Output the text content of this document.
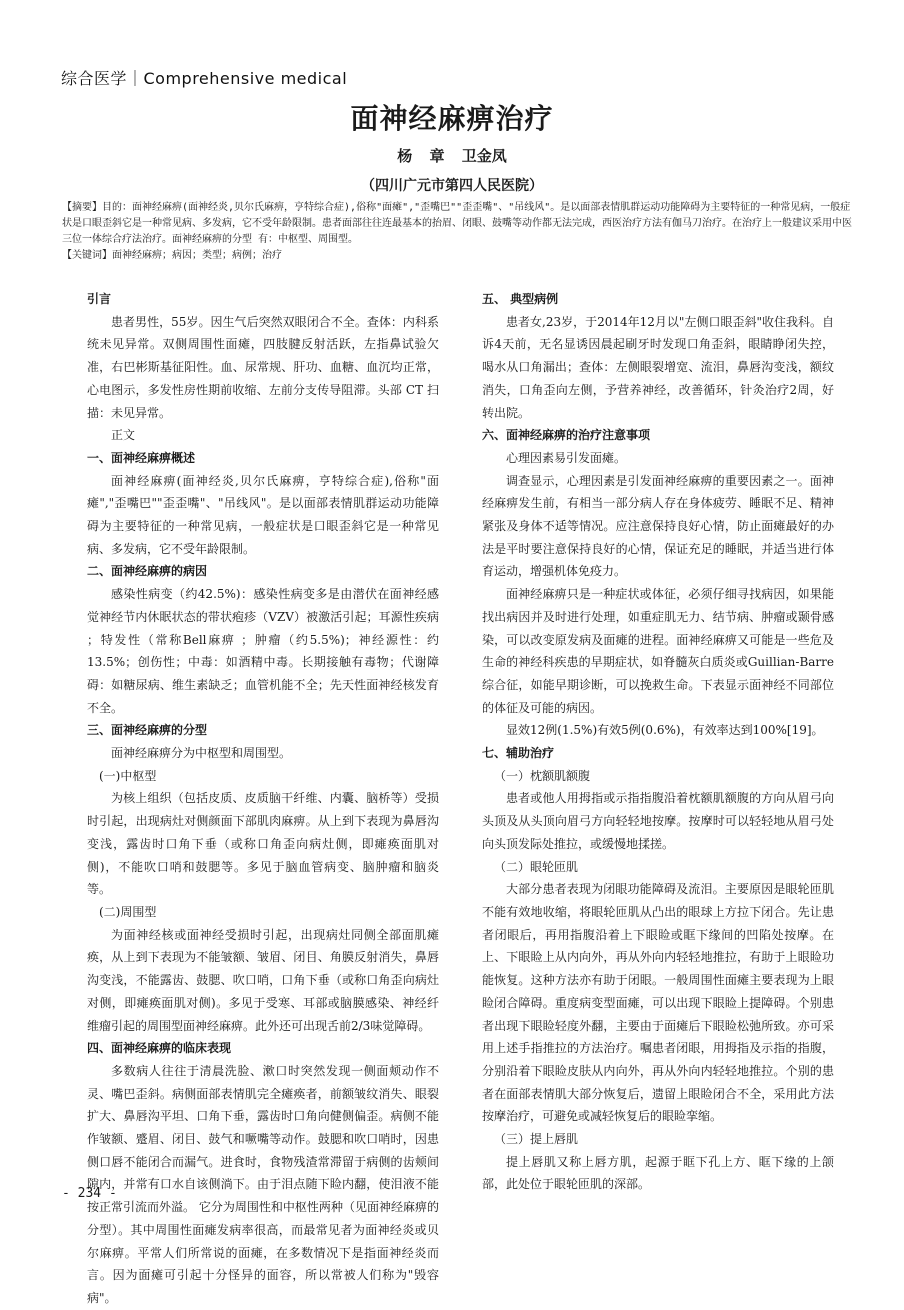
综合医学｜Comprehensive medical
面神经麻痹治疗
杨 章 卫金凤
（四川广元市第四人民医院）
【摘要】目的：面神经麻痹(面神经炎,贝尔氏麻痹，亨特综合症),俗称"面瘫","歪嘴巴""歪歪嘴"、"吊线风"。是以面部表情肌群运动功能障碍为主要特征的一种常见病，一般症状是口眼歪斜它是一种常见病、多发病，它不受年龄限制。患者面部往往连最基本的抬眉、闭眼、鼓嘴等动作都无法完成，西医治疗方法有伽马刀治疗。在治疗上一般建议采用中医三位一体综合疗法治疗。面神经麻痹的分型 有：中枢型、周围型。
【关键词】面神经麻痹；病因；类型；病例；治疗

引言

患者男性，55岁。因生气后突然双眼闭合不全。查体：内科系统未见异常。双侧周围性面瘫，四肢腱反射活跃，左指鼻试验欠准，右巴彬斯基征阳性。血、尿常规、肝功、血糖、血沉均正常，心电图示，多发性房性期前收缩、左前分支传导阻滞。头部 CT 扫描：未见异常。

正文

一、面神经麻痹概述

面神经麻痹(面神经炎,贝尔氏麻痹，亨特综合症),俗称"面瘫","歪嘴巴""歪歪嘴"、"吊线风"。是以面部表情肌群运动功能障碍为主要特征的一种常见病，一般症状是口眼歪斜它是一种常见病、多发病，它不受年龄限制。

二、面神经麻痹的病因

感染性病变（约42.5%)：感染性病变多是由潜伏在面神经感觉神经节内休眠状态的带状疱疹（VZV）被激活引起；耳源性疾病 ；特发性（常称Bell麻痹 ；肿瘤（约5.5%)；神经源性：约13.5%；创伤性；中毒：如酒精中毒。长期接触有毒物；代谢障碍：如糖尿病、维生素缺乏；血管机能不全；先天性面神经核发育不全。

三、面神经麻痹的分型

面神经麻痹分为中枢型和周围型。

(一)中枢型

为核上组织（包括皮质、皮质脑干纤维、内囊、脑桥等）受损时引起，出现病灶对侧颜面下部肌肉麻痹。从上到下表现为鼻唇沟变浅，露齿时口角下垂（或称口角歪向病灶侧，即瘫痪面肌对侧)，不能吹口哨和鼓腮等。多见于脑血管病变、脑肿瘤和脑炎等。

(二)周围型

为面神经核或面神经受损时引起，出现病灶同侧全部面肌瘫痪，从上到下表现为不能皱额、皱眉、闭目、角膜反射消失，鼻唇沟变浅，不能露齿、鼓腮、吹口哨，口角下垂（或称口角歪向病灶对侧，即瘫痪面肌对侧)。多见于受寒、耳部或脑膜感染、神经纤维瘤引起的周围型面神经麻痹。此外还可出现舌前2/3味觉障碍。

四、面神经麻痹的临床表现

多数病人往往于清晨洗脸、漱口时突然发现一侧面颊动作不灵、嘴巴歪斜。病侧面部表情肌完全瘫痪者，前额皱纹消失、眼裂扩大、鼻唇沟平坦、口角下垂，露齿时口角向健侧偏歪。病侧不能作皱额、蹙眉、闭目、鼓气和噘嘴等动作。鼓腮和吹口哨时，因患侧口唇不能闭合而漏气。进食时，食物残渣常滞留于病侧的齿颊间隙内，并常有口水自该侧淌下。由于泪点随下睑内翻，使泪液不能按正常引流而外溢。 它分为周围性和中枢性两种（见面神经麻痹的分型）。其中周围性面瘫发病率很高，而最常见者为面神经炎或贝尔麻痹。平常人们所常说的面瘫，在多数情况下是指面神经炎而言。因为面瘫可引起十分怪异的面容，所以常被人们称为"毁容病"。

五、 典型病例

患者女,23岁，于2014年12月以"左侧口眼歪斜"收住我科。自诉4天前，无名显诱因晨起刷牙时发现口角歪斜，眼睛睁闭失控，喝水从口角漏出；查体：左侧眼裂增宽、流泪，鼻唇沟变浅，额纹消失，口角歪向左侧，予营养神经，改善循环，针灸治疗2周，好转出院。

六、面神经麻痹的治疗注意事项

心理因素易引发面瘫。

调查显示，心理因素是引发面神经麻痹的重要因素之一。面神经麻痹发生前，有相当一部分病人存在身体疲劳、睡眠不足、精神紧张及身体不适等情况。应注意保持良好心情，防止面瘫最好的办法是平时要注意保持良好的心情，保证充足的睡眠，并适当进行体育运动，增强机体免疫力。

面神经麻痹只是一种症状或体征，必须仔细寻找病因，如果能找出病因并及时进行处理，如重症肌无力、结节病、肿瘤或颞骨感染，可以改变原发病及面瘫的进程。面神经麻痹又可能是一些危及生命的神经科疾患的早期症状，如脊髓灰白质炎或Guillian-Barre综合征，如能早期诊断，可以挽救生命。下表显示面神经不同部位的体征及可能的病因。

显效12例(1.5%)有效5例(0.6%)，有效率达到100%[19]。

七、辅助治疗

（一）枕额肌额腹

患者或他人用拇指或示指指腹沿着枕额肌额腹的方向从眉弓向头顶及从头顶向眉弓方向轻轻地按摩。按摩时可以轻轻地从眉弓处向头顶发际处推拉，或缓慢地揉搓。

（二）眼轮匝肌

大部分患者表现为闭眼功能障碍及流泪。主要原因是眼轮匝肌不能有效地收缩，将眼轮匝肌从凸出的眼球上方拉下闭合。先让患者闭眼后，再用指腹沿着上下眼睑或眶下缘间的凹陷处按摩。在上、下眼睑上从内向外，再从外向内轻轻地推拉，有助于上眼睑功能恢复。这种方法亦有助于闭眼。一般周围性面瘫主要表现为上眼睑闭合障碍。重度病变型面瘫，可以出现下眼睑上提障碍。个别患者出现下眼睑轻度外翻，主要由于面瘫后下眼睑松弛所致。亦可采用上述手指推拉的方法治疗。嘱患者闭眼，用拇指及示指的指腹，分别沿着下眼睑皮肤从内向外，再从外向内轻轻地推拉。个别的患者在面部表情肌大部分恢复后，遗留上眼睑闭合不全，采用此方法按摩治疗，可避免或减轻恢复后的眼睑挛缩。

（三）提上唇肌

提上唇肌又称上唇方肌，起源于眶下孔上方、眶下缘的上颌部，此处位于眼轮匝肌的深部。

- 234 -
